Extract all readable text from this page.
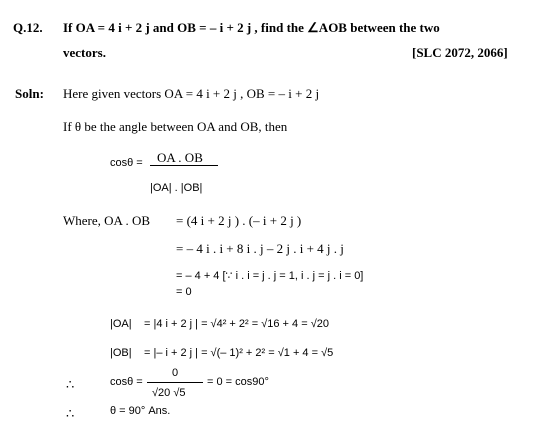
Q.12. If OA = 4 i + 2 j and OB = – i + 2 j , find the ∠AOB between the two
vectors.	[SLC 2072, 2066]
Soln: Here given vectors OA = 4 i + 2 j , OB = – i + 2 j
If θ be the angle between OA and OB, then
cosθ = OA . OB
|OA| . |OB|
Where, OA . OB = (4 i + 2 j ) . (– i + 2 j )
= – 4 i . i + 8 i . j – 2 j . i + 4 j . j
= – 4 + 4 [∵ i . i = j . j = 1, i . j = j . i = 0]
= 0
|OA| = |4 i + 2 j | = √4² + 2² = √16 + 4 = √20
|OB| = |– i + 2 j | = √(– 1)² + 2² = √1 + 4 = √5
∴	cosθ =
0
√20 √5
= 0 = cos90°
∴	θ = 90° Ans.
